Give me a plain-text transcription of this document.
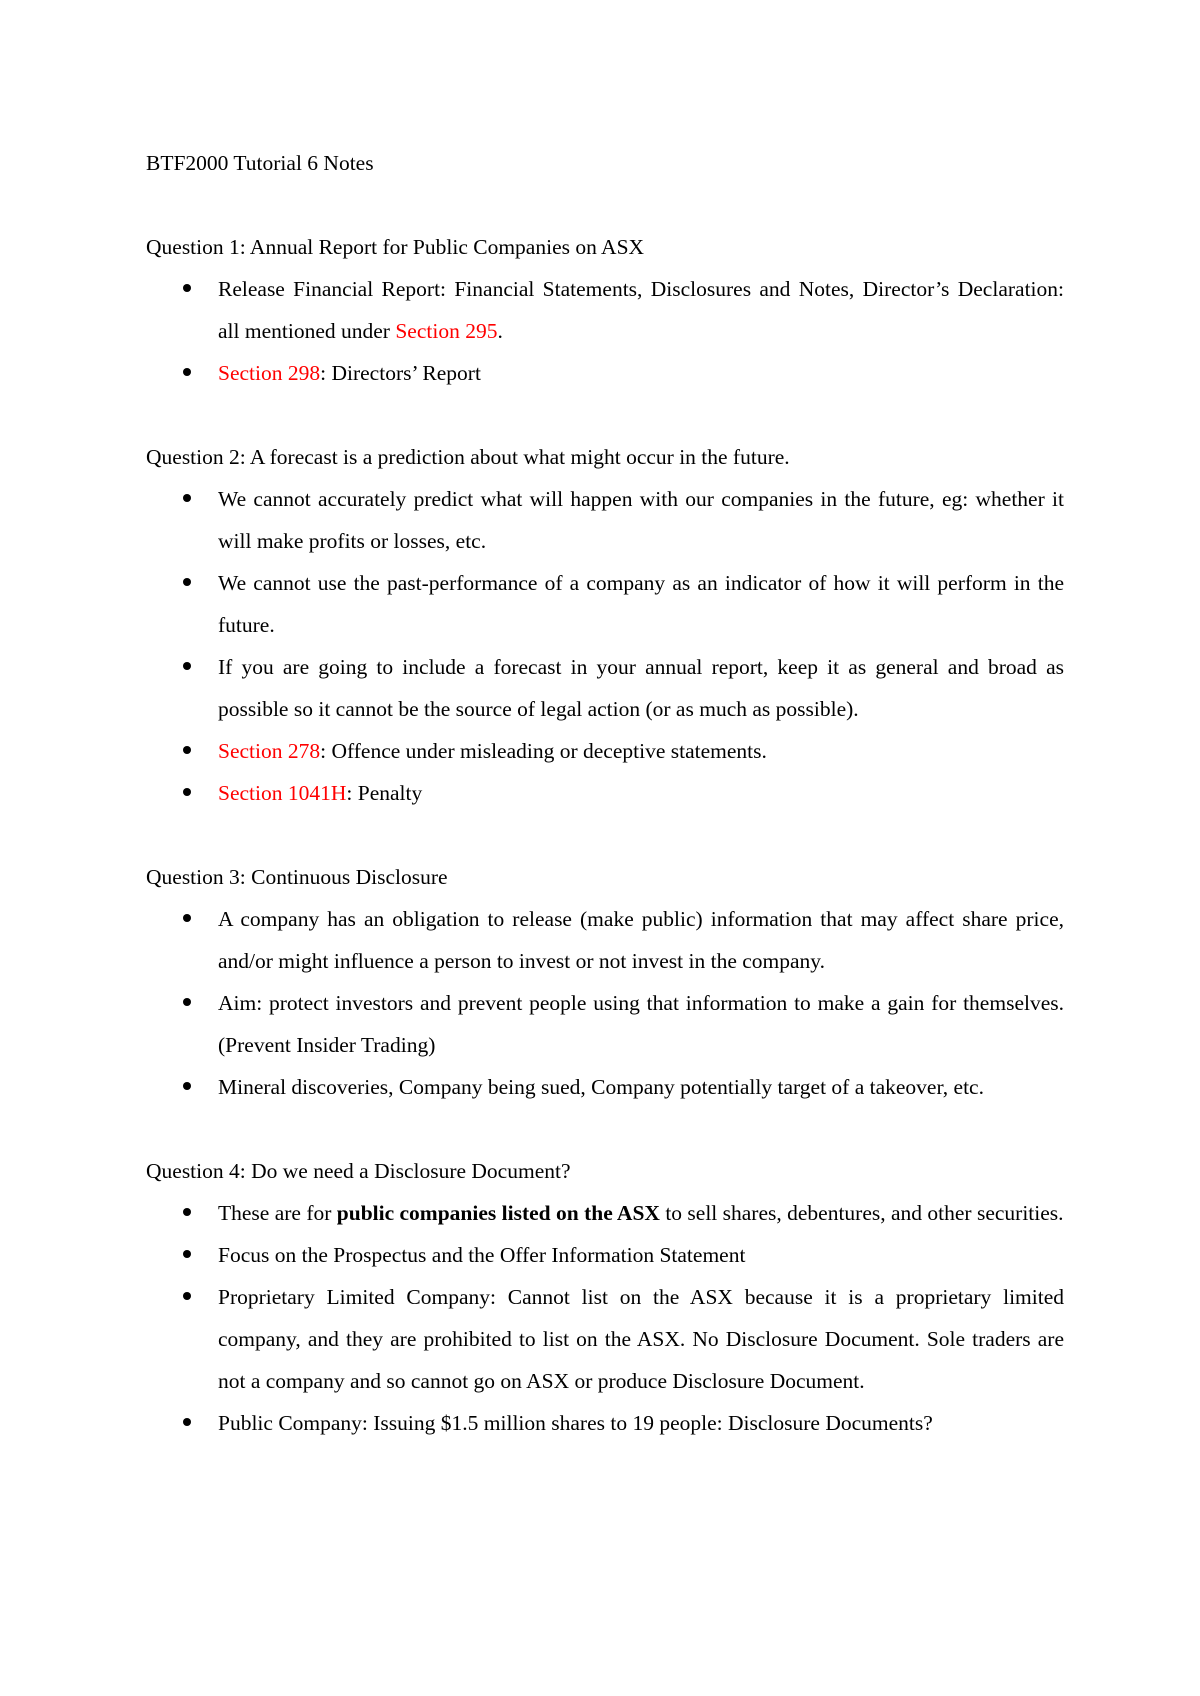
BTF2000 Tutorial 6 Notes
Question 1: Annual Report for Public Companies on ASX
Release Financial Report: Financial Statements, Disclosures and Notes, Director’s Declaration: all mentioned under Section 295.
Section 298: Directors’ Report
Question 2: A forecast is a prediction about what might occur in the future.
We cannot accurately predict what will happen with our companies in the future, eg: whether it will make profits or losses, etc.
We cannot use the past-performance of a company as an indicator of how it will perform in the future.
If you are going to include a forecast in your annual report, keep it as general and broad as possible so it cannot be the source of legal action (or as much as possible).
Section 278: Offence under misleading or deceptive statements.
Section 1041H: Penalty
Question 3: Continuous Disclosure
A company has an obligation to release (make public) information that may affect share price, and/or might influence a person to invest or not invest in the company.
Aim: protect investors and prevent people using that information to make a gain for themselves. (Prevent Insider Trading)
Mineral discoveries, Company being sued, Company potentially target of a takeover, etc.
Question 4: Do we need a Disclosure Document?
These are for public companies listed on the ASX to sell shares, debentures, and other securities.
Focus on the Prospectus and the Offer Information Statement
Proprietary Limited Company: Cannot list on the ASX because it is a proprietary limited company, and they are prohibited to list on the ASX. No Disclosure Document. Sole traders are not a company and so cannot go on ASX or produce Disclosure Document.
Public Company: Issuing $1.5 million shares to 19 people: Disclosure Documents?
